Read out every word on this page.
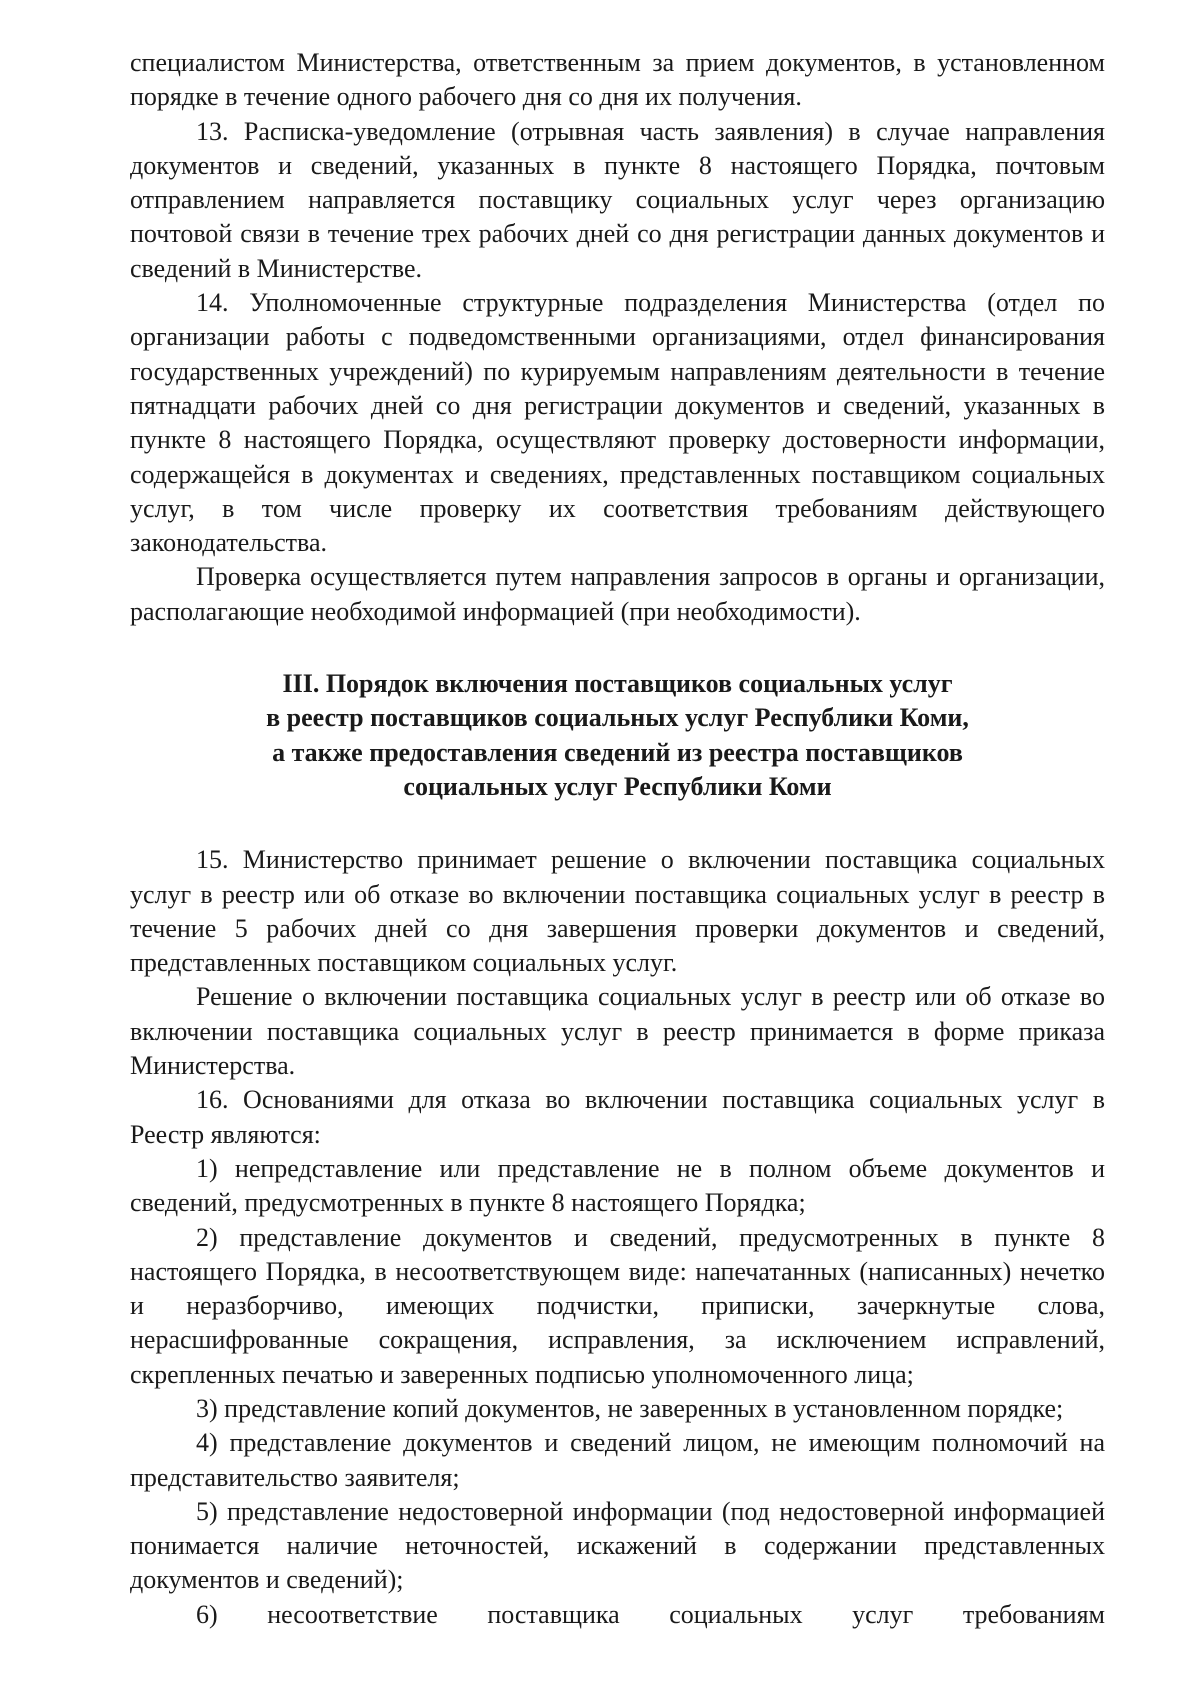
специалистом Министерства, ответственным за прием документов, в установленном порядке в течение одного рабочего дня со дня их получения.

13. Расписка-уведомление (отрывная часть заявления) в случае направления документов и сведений, указанных в пункте 8 настоящего Порядка, почтовым отправлением направляется поставщику социальных услуг через организацию почтовой связи в течение трех рабочих дней со дня регистрации данных документов и сведений в Министерстве.

14. Уполномоченные структурные подразделения Министерства (отдел по организации работы с подведомственными организациями, отдел финансирования государственных учреждений) по курируемым направлениям деятельности в течение пятнадцати рабочих дней со дня регистрации документов и сведений, указанных в пункте 8 настоящего Порядка, осуществляют проверку достоверности информации, содержащейся в документах и сведениях, представленных поставщиком социальных услуг, в том числе проверку их соответствия требованиям действующего законодательства.

Проверка осуществляется путем направления запросов в органы и организации, располагающие необходимой информацией (при необходимости).

III. Порядок включения поставщиков социальных услуг
в реестр поставщиков социальных услуг Республики Коми,
а также предоставления сведений из реестра поставщиков
социальных услуг Республики Коми

15. Министерство принимает решение о включении поставщика социальных услуг в реестр или об отказе во включении поставщика социальных услуг в реестр в течение 5 рабочих дней со дня завершения проверки документов и сведений, представленных поставщиком социальных услуг.

Решение о включении поставщика социальных услуг в реестр или об отказе во включении поставщика социальных услуг в реестр принимается в форме приказа Министерства.

16. Основаниями для отказа во включении поставщика социальных услуг в Реестр являются:

1) непредставление или представление не в полном объеме документов и сведений, предусмотренных в пункте 8 настоящего Порядка;

2) представление документов и сведений, предусмотренных в пункте 8 настоящего Порядка, в несоответствующем виде: напечатанных (написанных) нечетко и неразборчиво, имеющих подчистки, приписки, зачеркнутые слова, нерасшифрованные сокращения, исправления, за исключением исправлений, скрепленных печатью и заверенных подписью уполномоченного лица;

3) представление копий документов, не заверенных в установленном порядке;

4) представление документов и сведений лицом, не имеющим полномочий на представительство заявителя;

5) представление недостоверной информации (под недостоверной информацией понимается наличие неточностей, искажений в содержании представленных документов и сведений);

6) несоответствие поставщика социальных услуг требованиям
